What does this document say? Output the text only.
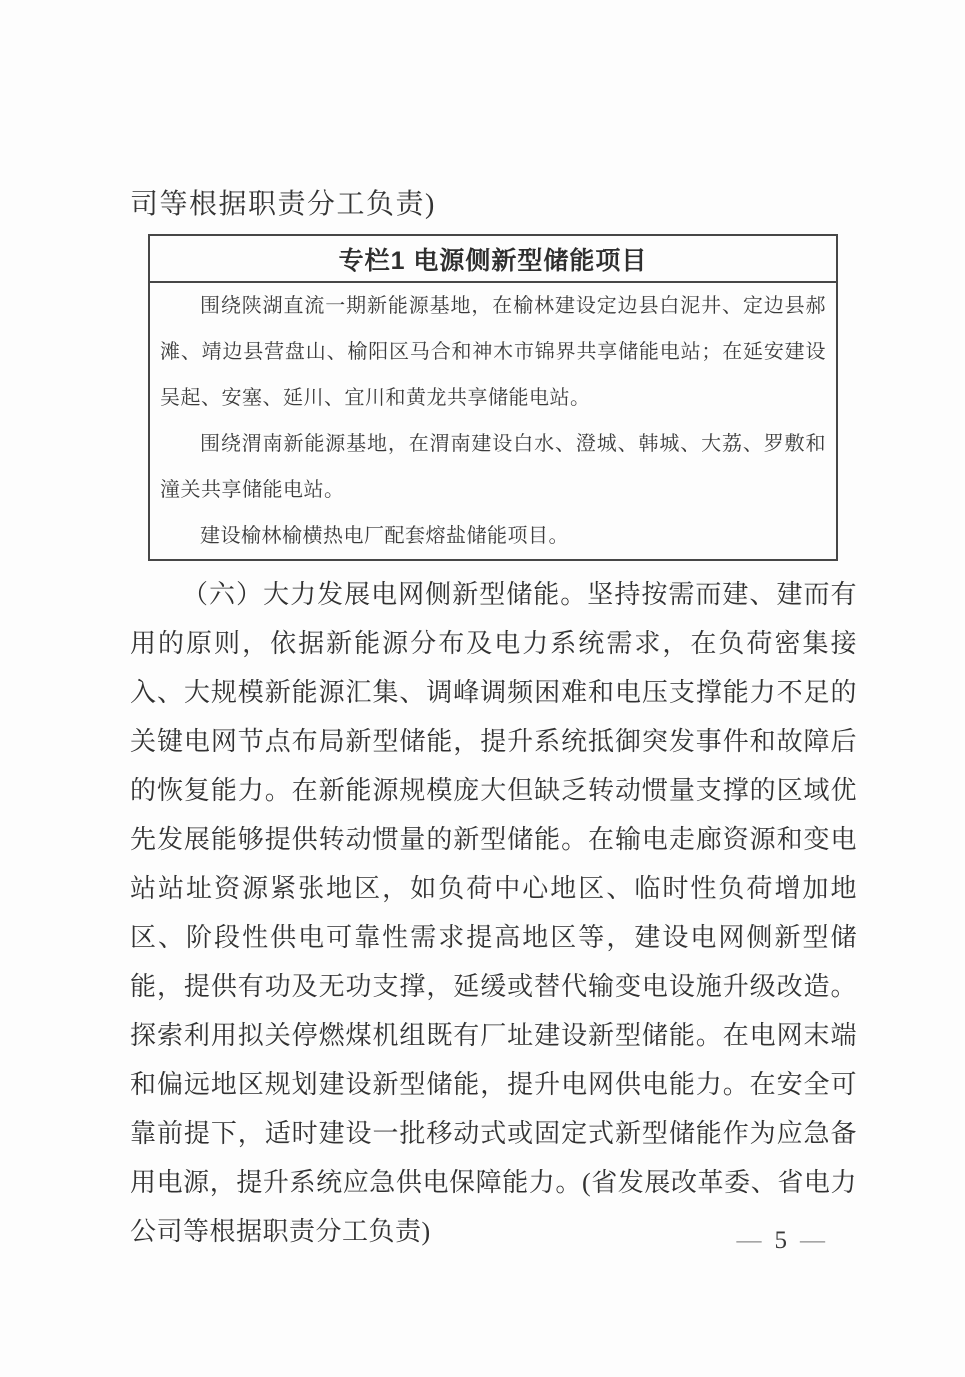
司等根据职责分工负责)
专栏1 电源侧新型储能项目

围绕陕湖直流一期新能源基地，在榆林建设定边县白泥井、定边县郝滩、靖边县营盘山、榆阳区马合和神木市锦界共享储能电站；在延安建设吴起、安塞、延川、宜川和黄龙共享储能电站。

围绕渭南新能源基地，在渭南建设白水、澄城、韩城、大荔、罗敷和潼关共享储能电站。

建设榆林榆横热电厂配套熔盐储能项目。

（六）大力发展电网侧新型储能。坚持按需而建、建而有用的原则，依据新能源分布及电力系统需求，在负荷密集接入、大规模新能源汇集、调峰调频困难和电压支撑能力不足的关键电网节点布局新型储能，提升系统抵御突发事件和故障后的恢复能力。在新能源规模庞大但缺乏转动惯量支撑的区域优先发展能够提供转动惯量的新型储能。在输电走廊资源和变电站站址资源紧张地区，如负荷中心地区、临时性负荷增加地区、阶段性供电可靠性需求提高地区等，建设电网侧新型储能，提供有功及无功支撑，延缓或替代输变电设施升级改造。探索利用拟关停燃煤机组既有厂址建设新型储能。在电网末端和偏远地区规划建设新型储能，提升电网供电能力。在安全可靠前提下，适时建设一批移动式或固定式新型储能作为应急备用电源，提升系统应急供电保障能力。(省发展改革委、省电力公司等根据职责分工负责)	— 5 —
